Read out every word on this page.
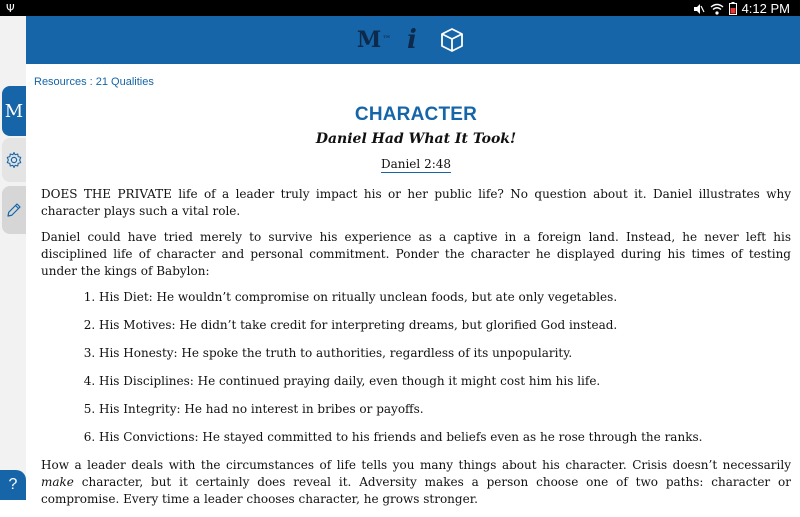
Ψ	4:12 PM
M
?
M ™ i
Resources : 21 Qualities
CHARACTER
Daniel Had What It Took!
Daniel 2:48

DOES THE PRIVATE life of a leader truly impact his or her public life? No question about it. Daniel illustrates why character plays such a vital role.

Daniel could have tried merely to survive his experience as a captive in a foreign land. Instead, he never left his disciplined life of character and personal commitment. Ponder the character he displayed during his times of testing under the kings of Babylon:

1. His Diet: He wouldn’t compromise on ritually unclean foods, but ate only vegetables.
2. His Motives: He didn’t take credit for interpreting dreams, but glorified God instead.
3. His Honesty: He spoke the truth to authorities, regardless of its unpopularity.
4. His Disciplines: He continued praying daily, even though it might cost him his life.
5. His Integrity: He had no interest in bribes or payoffs.
6. His Convictions: He stayed committed to his friends and beliefs even as he rose through the ranks.

How a leader deals with the circumstances of life tells you many things about his character. Crisis doesn’t necessarily make character, but it certainly does reveal it. Adversity makes a person choose one of two paths: character or compromise. Every time a leader chooses character, he grows stronger.
